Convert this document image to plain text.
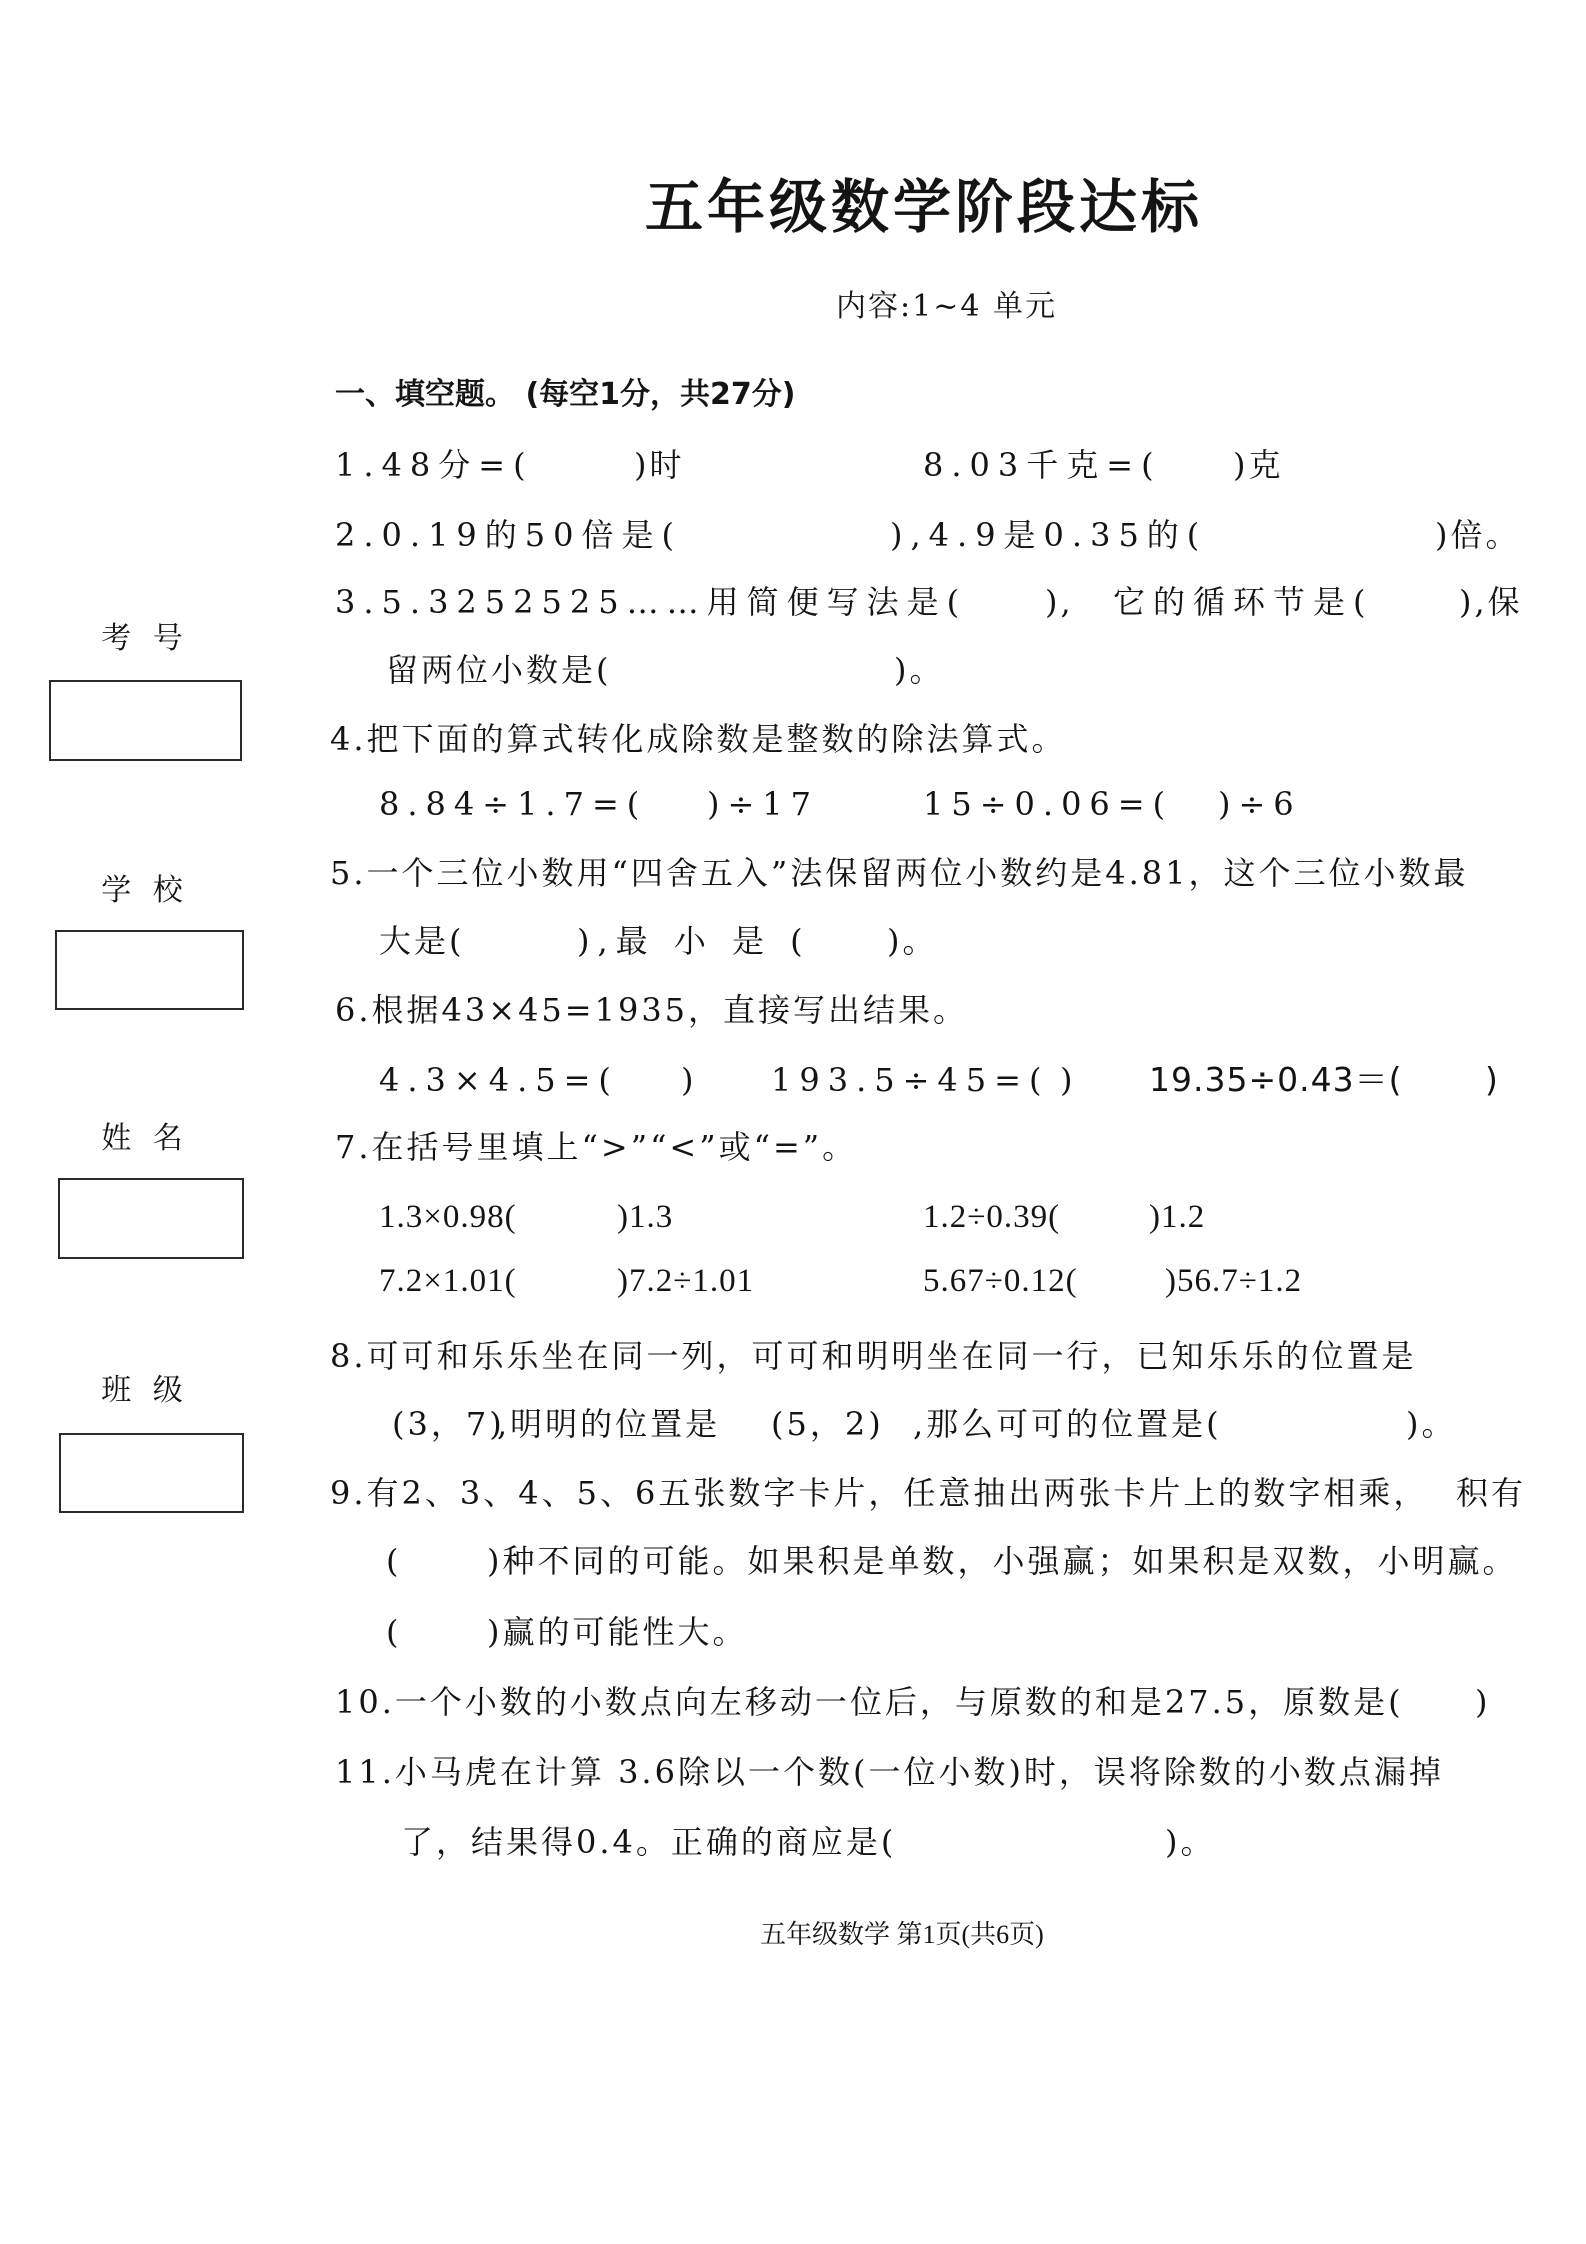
五年级数学阶段达标
内容:1~4 单元
一、填空题。 (每空1分，共27分)
考 号
学 校
姓 名
班 级
1.48分=(	)时	8.03千克=( )克
2.0.19的50倍是(	),4.9是0.35的(	)倍。
3.5.3252525……用简便写法是( ), 它的循环节是(	),保
留两位小数是(	)。
4.把下面的算式转化成除数是整数的除法算式。
8.84÷1.7=( )÷17	15÷0.06=( )÷6
5.一个三位小数用“四舍五入”法保留两位小数约是4.81，这个三位小数最
大是(	),最 小 是 ( )。
6.根据43×45=1935，直接写出结果。
4.3×4.5=( ) 193.5÷45=( ) 19.35÷0.43＝(	)
7.在括号里填上“>”“<”或“=”。
1.3×0.98(	)1.3	1.2÷0.39(	)1.2
7.2×1.01(	)7.2÷1.01	5.67÷0.12(	)56.7÷1.2
8.可可和乐乐坐在同一列，可可和明明坐在同一行，已知乐乐的位置是
(3，7)
,明明的位置是 (5，2) ,那么可可的位置是(	)。
9.有2、3、4、5、6五张数字卡片，任意抽出两张卡片上的数字相乘， 积有
(	)种不同的可能。如果积是单数，小强赢；如果积是双数，小明赢。
(	)赢的可能性大。
10.一个小数的小数点向左移动一位后，与原数的和是27.5，原数是( )
11.小马虎在计算 3.6除以一个数(一位小数)时，误将除数的小数点漏掉
了，结果得0.4。正确的商应是(	)。
五年级数学 第1页(共6页)
